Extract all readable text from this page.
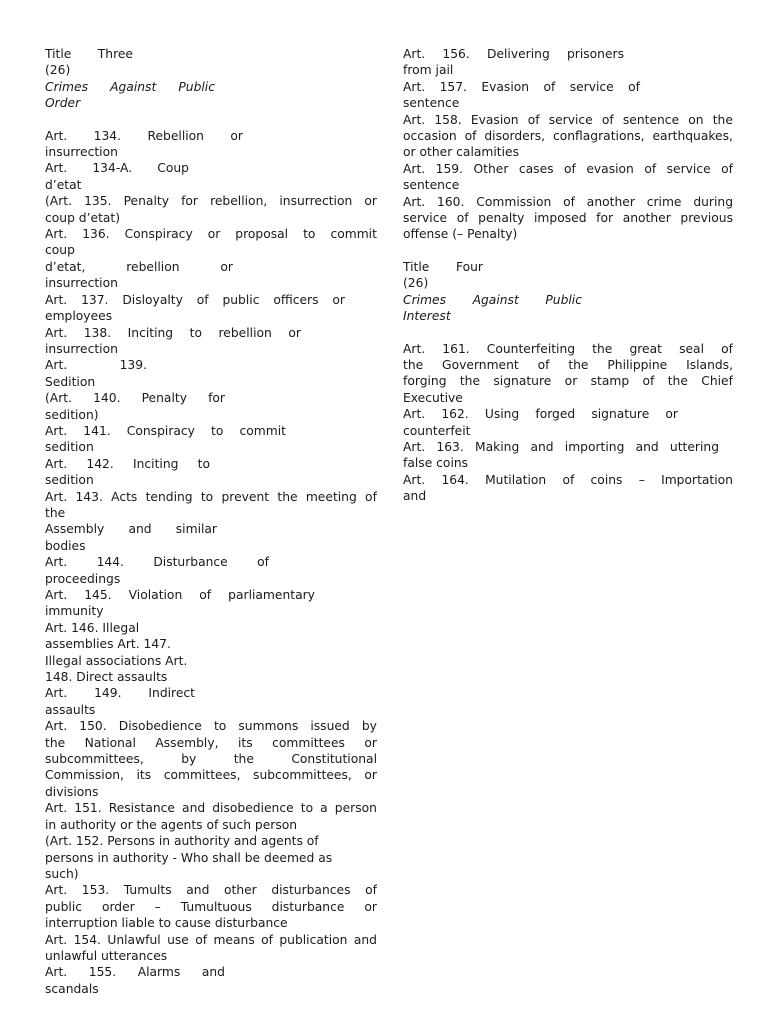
Title Three
(26)
Crimes Against Public
Order
Art. 134. Rebellion or
insurrection
Art. 134-A. Coup
d’etat
(Art. 135. Penalty for rebellion, insurrection or
coup d’etat)
Art. 136. Conspiracy or proposal to commit
coup
d’etat,	rebellion	or
insurrection
Art. 137. Disloyalty of public officers or
employees
Art. 138. Inciting to rebellion or
insurrection
Art.	139.
Sedition
(Art. 140. Penalty for
sedition)
Art. 141. Conspiracy to commit
sedition
Art. 142. Inciting to
sedition
Art. 143. Acts tending to prevent the meeting of
the
Assembly and similar
bodies
Art. 144. Disturbance of
proceedings
Art. 145. Violation of parliamentary
immunity
Art. 146. Illegal
assemblies Art. 147.
Illegal associations Art.
148. Direct assaults
Art. 149. Indirect
assaults
Art. 150. Disobedience to summons issued by
the National Assembly, its committees or
subcommittees,	by	the	Constitutional
Commission, its committees, subcommittees, or
divisions
Art. 151. Resistance and disobedience to a person
in authority or the agents of such person
(Art. 152. Persons in authority and agents of
persons in authority - Who shall be deemed as
such)
Art. 153. Tumults and other disturbances of
public order – Tumultuous disturbance or
interruption liable to cause disturbance
Art. 154. Unlawful use of means of publication and
unlawful utterances
Art. 155. Alarms and
scandals
Art. 156. Delivering prisoners
from jail
Art. 157. Evasion of service of
sentence
Art. 158. Evasion of service of sentence on the
occasion of disorders, conflagrations, earthquakes,
or other calamities
Art. 159. Other cases of evasion of service of
sentence
Art. 160. Commission of another crime during
service of penalty imposed for another previous
offense (– Penalty)
Title Four
(26)
Crimes Against Public
Interest
Art. 161. Counterfeiting the great seal of
the Government of the Philippine Islands,
forging the signature or stamp of the Chief
Executive
Art. 162. Using forged signature or
counterfeit
Art. 163. Making and importing and uttering
false coins
Art. 164. Mutilation of coins – Importation
and
